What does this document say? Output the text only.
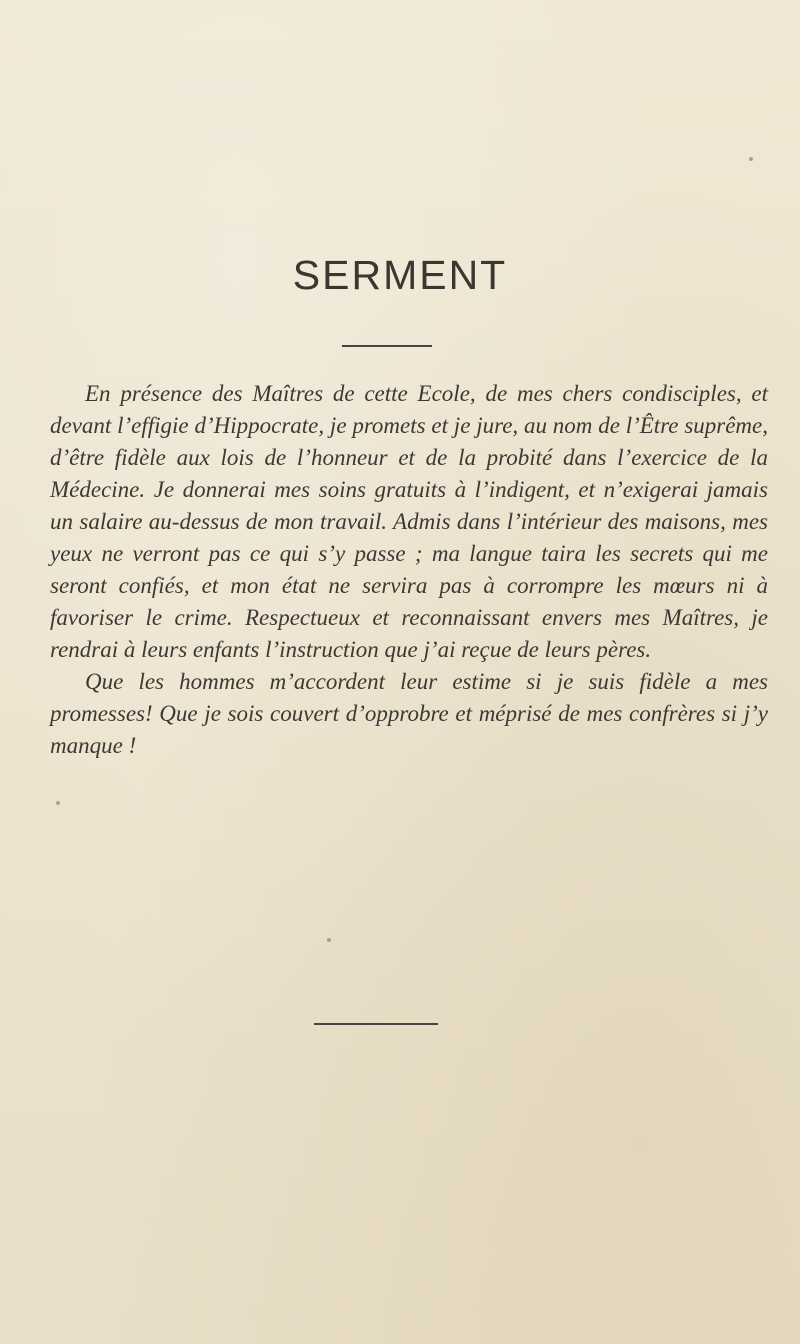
SERMENT

En présence des Maîtres de cette Ecole, de mes chers condisciples, et devant l’effigie d’Hippocrate, je promets et je jure, au nom de l’Être suprême, d’être fidèle aux lois de l’honneur et de la probité dans l’exercice de la Médecine. Je donnerai mes soins gratuits à l’indigent, et n’exigerai jamais un salaire au-dessus de mon travail. Admis dans l’intérieur des maisons, mes yeux ne verront pas ce qui s’y passe ; ma langue taira les secrets qui me seront confiés, et mon état ne servira pas à corrompre les mœurs ni à favoriser le crime. Respectueux et reconnaissant envers mes Maîtres, je rendrai à leurs enfants l’instruction que j’ai reçue de leurs pères.

Que les hommes m’accordent leur estime si je suis fidèle a mes promesses! Que je sois couvert d’opprobre et méprisé de mes confrères si j’y manque !
